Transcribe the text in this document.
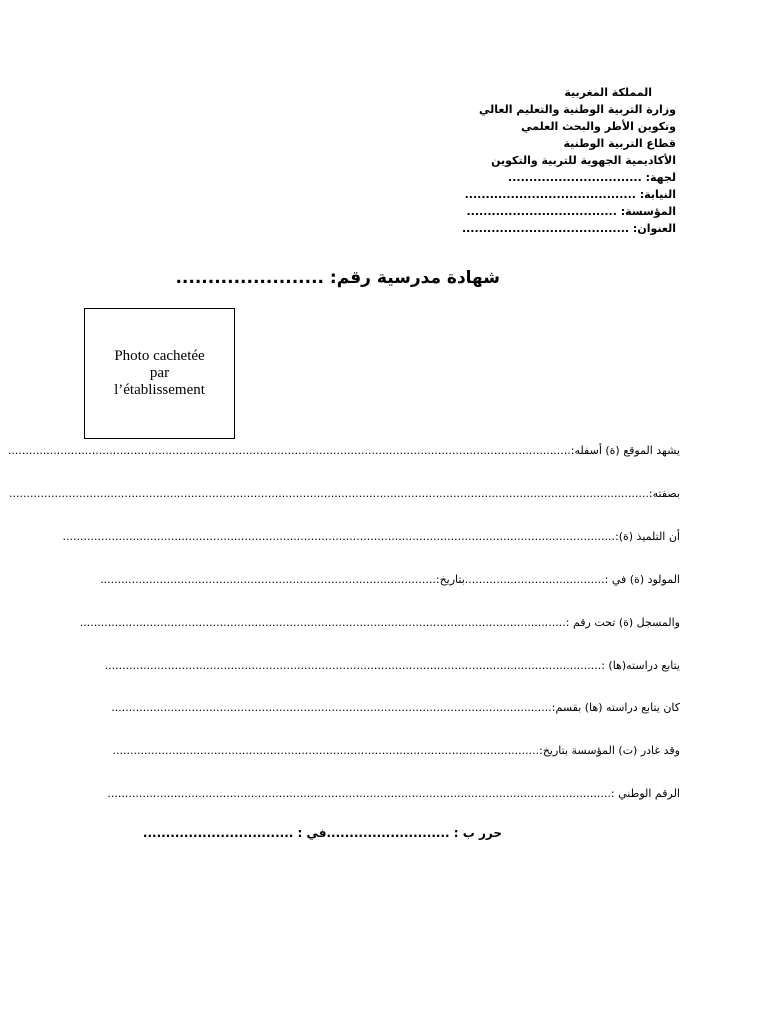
المملكة المغربية
وزارة التربية الوطنية والتعليم العالي
وتكوين الأطر والبحث العلمي
قطاع التربية الوطنية
الأكاديمية الجهوية للتربية والتكوين
لجهة: ................................
النيابة: .........................................
المؤسسة: ....................................
العنوان: ........................................
شهادة مدرسية رقم: .......................
Photo cachetée
par
l’établissement
يشهد الموقع (ة) أسفله:.................................................................................................................................................................
بصفته:.......................................................................................................................................................................................
أن التلميذ (ة):..............................................................................................................................................................
المولود (ة) في :........................................بتاريخ:................................................................................................
والمسجل (ة) تحت رقم :...........................................................................................................................................
يتابع دراسته(ها) :..............................................................................................................................................
كان يتابع دراسته (ها) بقسم:..............................................................................................................................
وقد غادر (ت) المؤسسة بتاريخ:..........................................................................................................................
الرقم الوطني :................................................................................................................................................
حرر ب : ...........................في : .................................
